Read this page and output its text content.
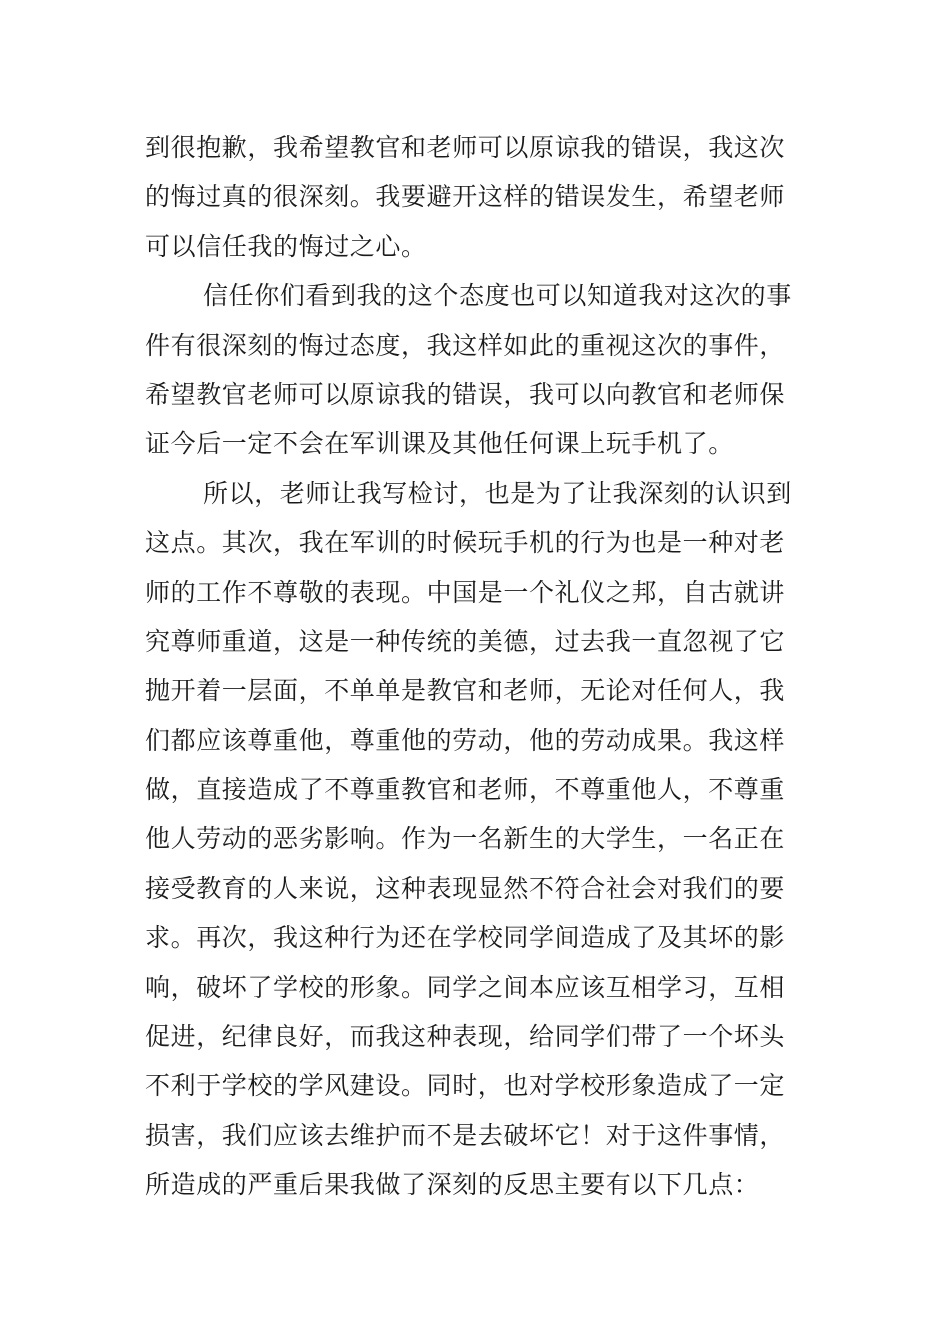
到很抱歉，我希望教官和老师可以原谅我的错误，我这次
的悔过真的很深刻。我要避开这样的错误发生，希望老师
可以信任我的悔过之心。
信任你们看到我的这个态度也可以知道我对这次的事
件有很深刻的悔过态度，我这样如此的重视这次的事件，
希望教官老师可以原谅我的错误，我可以向教官和老师保
证今后一定不会在军训课及其他任何课上玩手机了。
所以，老师让我写检讨，也是为了让我深刻的认识到
这点。其次，我在军训的时候玩手机的行为也是一种对老
师的工作不尊敬的表现。中国是一个礼仪之邦，自古就讲
究尊师重道，这是一种传统的美德，过去我一直忽视了它
抛开着一层面，不单单是教官和老师，无论对任何人，我
们都应该尊重他，尊重他的劳动，他的劳动成果。我这样
做，直接造成了不尊重教官和老师，不尊重他人，不尊重
他人劳动的恶劣影响。作为一名新生的大学生，一名正在
接受教育的人来说，这种表现显然不符合社会对我们的要
求。再次，我这种行为还在学校同学间造成了及其坏的影
响，破坏了学校的形象。同学之间本应该互相学习，互相
促进，纪律良好，而我这种表现，给同学们带了一个坏头
不利于学校的学风建设。同时，也对学校形象造成了一定
损害，我们应该去维护而不是去破坏它！对于这件事情，
所造成的严重后果我做了深刻的反思主要有以下几点：
